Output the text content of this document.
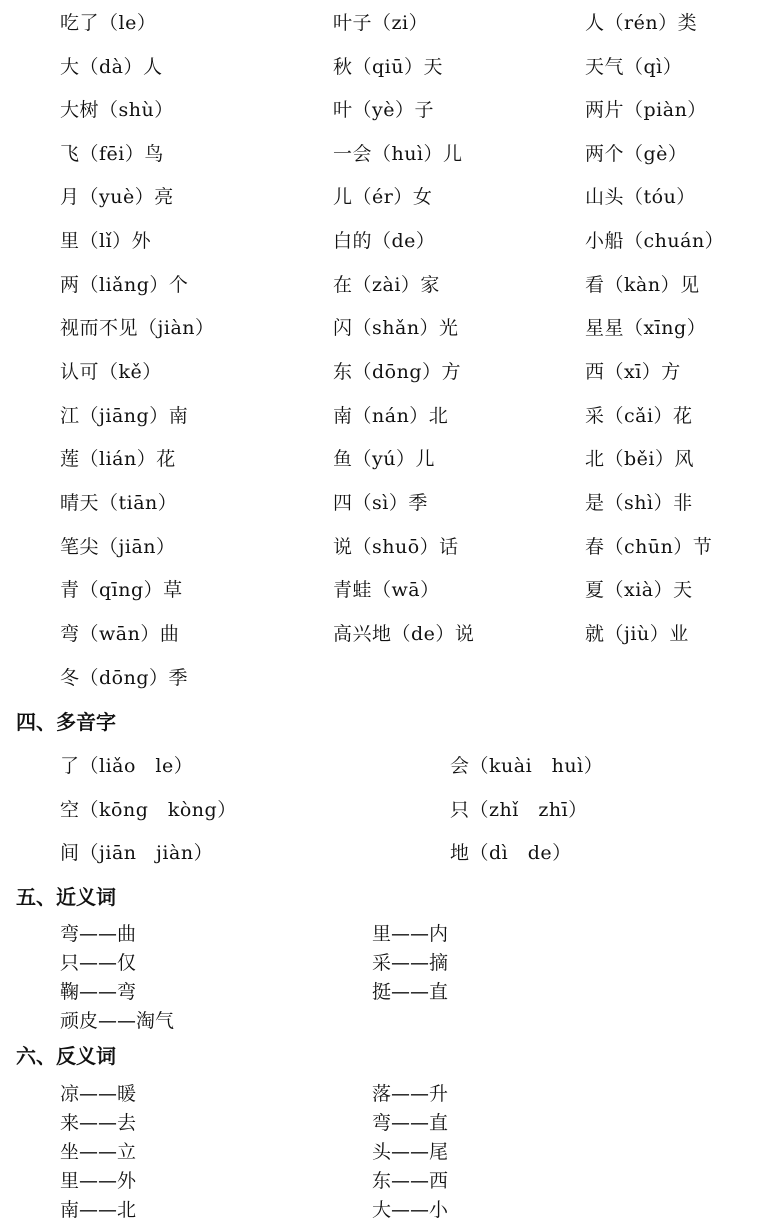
吃了（le）	叶子（zi）	人（rén）类
大（dà）人	秋（qiū）天	天气（qì）
大树（shù）	叶（yè）子	两片（piàn）
飞（fēi）鸟	一会（huì）儿	两个（gè）
月（yuè）亮	儿（ér）女	山头（tóu）
里（lǐ）外	白的（de）	小船（chuán）
两（liǎng）个	在（zài）家	看（kàn）见
视而不见（jiàn）	闪（shǎn）光	星星（xīng）
认可（kě）	东（dōng）方	西（xī）方
江（jiāng）南	南（nán）北	采（cǎi）花
莲（lián）花	鱼（yú）儿	北（běi）风
晴天（tiān）	四（sì）季	是（shì）非
笔尖（jiān）	说（shuō）话	春（chūn）节
青（qīng）草	青蛙（wā）	夏（xià）天
弯（wān）曲	高兴地（de）说	就（jiù）业
冬（dōng）季
四、多音字
了（liǎo　le）	会（kuài　huì）
空（kōng　kòng）	只（zhǐ　zhī）
间（jiān　jiàn）	地（dì　de）
五、近义词
弯——曲	里——内
只——仅	采——摘
鞠——弯	挺——直
顽皮——淘气
六、反义词
凉——暖	落——升
来——去	弯——直
坐——立	头——尾
里——外	东——西
南——北	大——小
